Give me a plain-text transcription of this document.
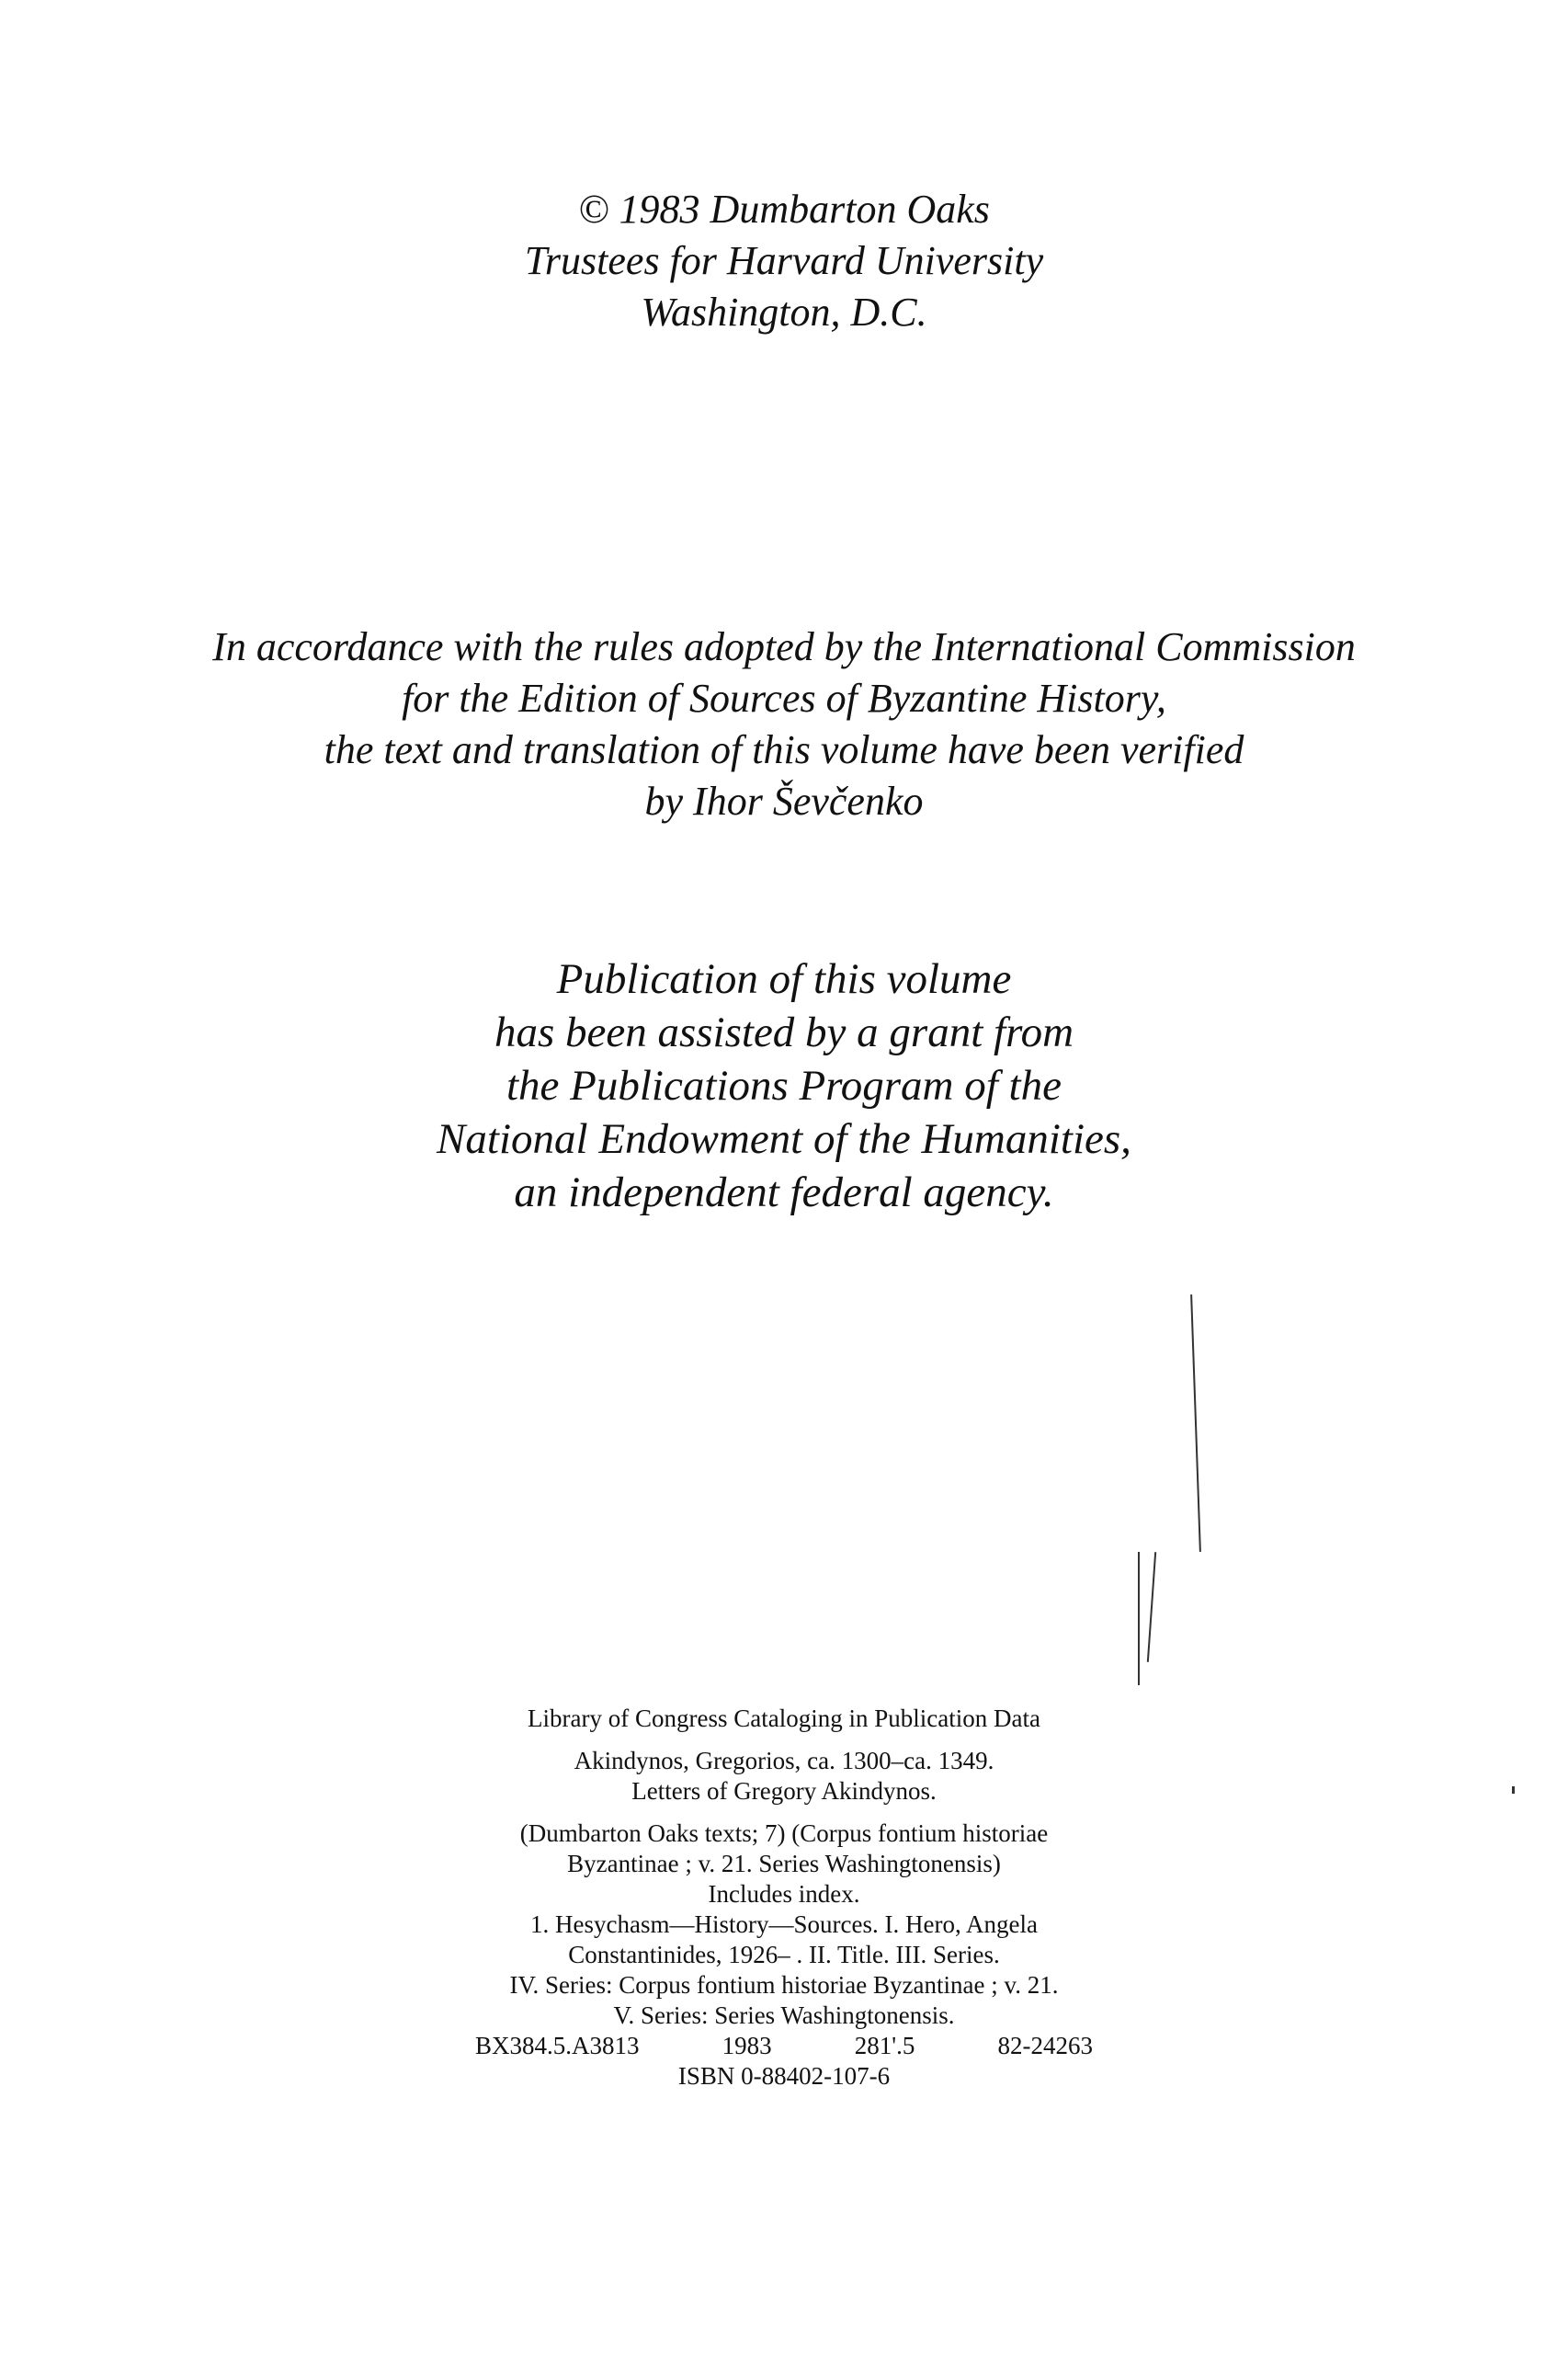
© 1983 Dumbarton Oaks
Trustees for Harvard University
Washington, D.C.
In accordance with the rules adopted by the International Commission
for the Edition of Sources of Byzantine History,
the text and translation of this volume have been verified
by Ihor Ševčenko
Publication of this volume
has been assisted by a grant from
the Publications Program of the
National Endowment of the Humanities,
an independent federal agency.
Library of Congress Cataloging in Publication Data
Akindynos, Gregorios, ca. 1300–ca. 1349.
Letters of Gregory Akindynos.
(Dumbarton Oaks texts; 7) (Corpus fontium historiae
Byzantinae ; v. 21. Series Washingtonensis)
Includes index.
1. Hesychasm—History—Sources. I. Hero, Angela
Constantinides, 1926– . II. Title. III. Series.
IV. Series: Corpus fontium historiae Byzantinae ; v. 21.
V. Series: Series Washingtonensis.
BX384.5.A3813	1983	281'.5	82-24263
ISBN 0-88402-107-6
